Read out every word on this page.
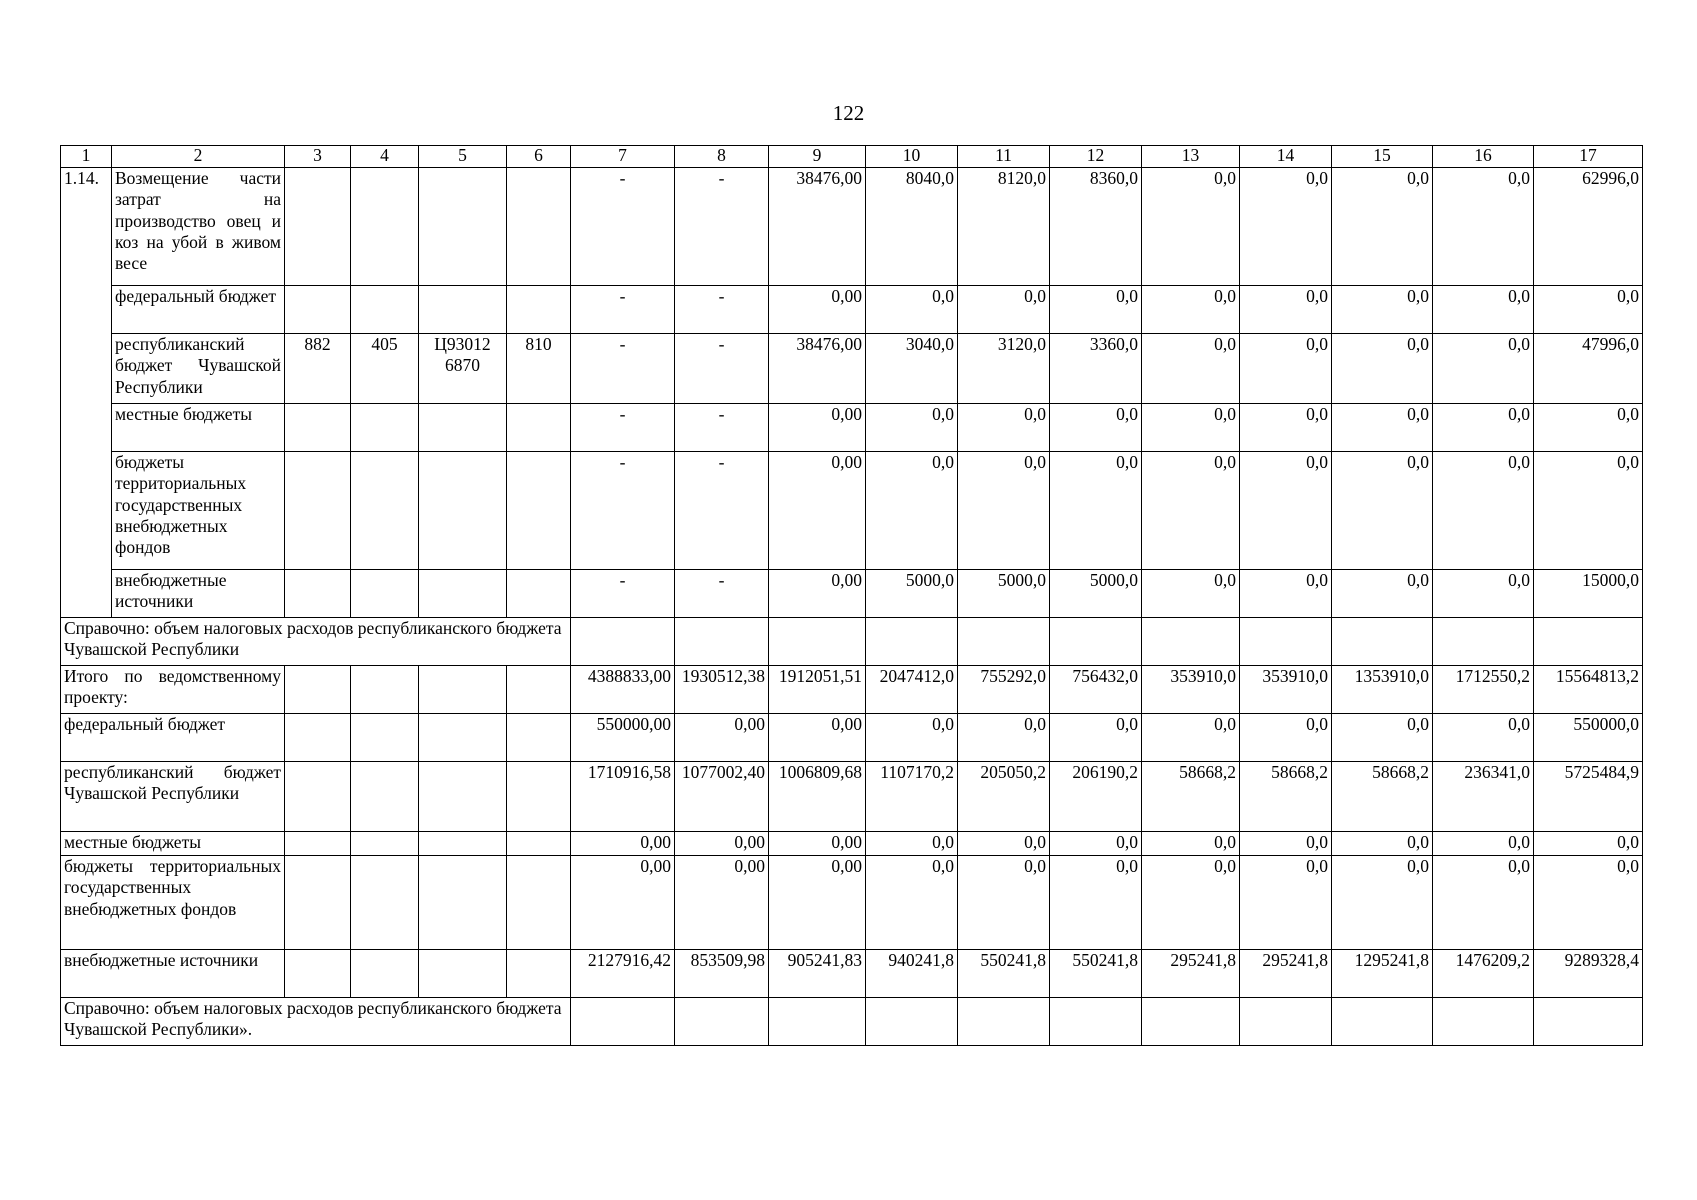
122
1	2	3	4	5	6	7	8	9	10	11	12	13	14	15	16	17
1.14.	Возмещение части затрат на производство овец и коз на убой в живом весе					-	-	38476,00	8040,0	8120,0	8360,0	0,0	0,0	0,0	0,0	62996,0
	федеральный бюджет					-	-	0,00	0,0	0,0	0,0	0,0	0,0	0,0	0,0	0,0
	республиканский бюджет Чувашской Республики	882	405	Ц93012 6870	810	-	-	38476,00	3040,0	3120,0	3360,0	0,0	0,0	0,0	0,0	47996,0
	местные бюджеты					-	-	0,00	0,0	0,0	0,0	0,0	0,0	0,0	0,0	0,0
	бюджеты территориальных государственных внебюджетных фондов					-	-	0,00	0,0	0,0	0,0	0,0	0,0	0,0	0,0	0,0
	внебюджетные источники					-	-	0,00	5000,0	5000,0	5000,0	0,0	0,0	0,0	0,0	15000,0
Справочно: объем налоговых расходов республиканского бюджета Чувашской Республики																
Итого по ведомственному проекту:						4388833,00	1930512,38	1912051,51	2047412,0	755292,0	756432,0	353910,0	353910,0	1353910,0	1712550,2	15564813,2
федеральный бюджет						550000,00	0,00	0,00	0,0	0,0	0,0	0,0	0,0	0,0	0,0	550000,0
республиканский бюджет Чувашской Республики						1710916,58	1077002,40	1006809,68	1107170,2	205050,2	206190,2	58668,2	58668,2	58668,2	236341,0	5725484,9
местные бюджеты						0,00	0,00	0,00	0,0	0,0	0,0	0,0	0,0	0,0	0,0	0,0
бюджеты территориальных государственных внебюджетных фондов						0,00	0,00	0,00	0,0	0,0	0,0	0,0	0,0	0,0	0,0	0,0
внебюджетные источники						2127916,42	853509,98	905241,83	940241,8	550241,8	550241,8	295241,8	295241,8	1295241,8	1476209,2	9289328,4
Справочно: объем налоговых расходов республиканского бюджета Чувашской Республики».																
